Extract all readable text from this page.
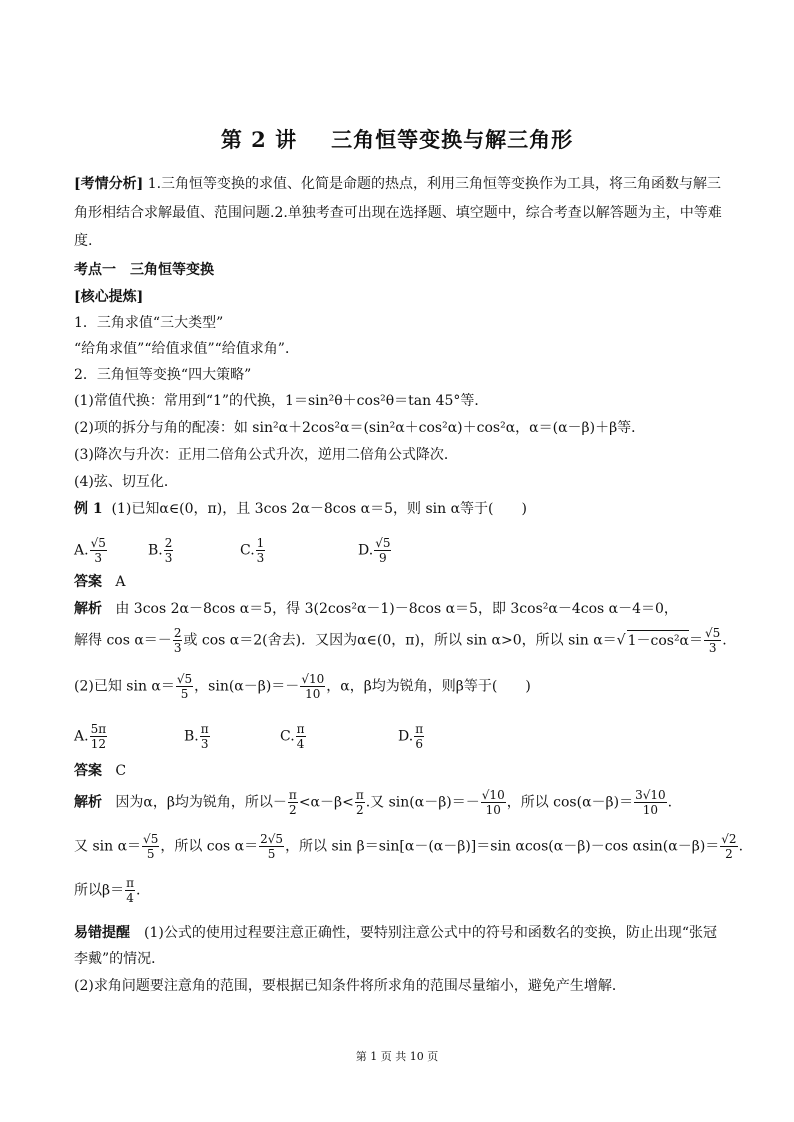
第 2 讲 三角恒等变换与解三角形
[考情分析] 1.三角恒等变换的求值、化简是命题的热点，利用三角恒等变换作为工具，将三角函数与解三
角形相结合求解最值、范围问题.2.单独考查可出现在选择题、填空题中，综合考查以解答题为主，中等难
度.
考点一　三角恒等变换
[核心提炼]
1．三角求值“三大类型”
“给角求值”“给值求值”“给值求角”．
2．三角恒等变换“四大策略”
(1)常值代换：常用到“1”的代换，1＝sin²θ＋cos²θ＝tan 45°等．
(2)项的拆分与角的配凑：如 sin²α＋2cos²α＝(sin²α＋cos²α)＋cos²α，α＝(α－β)＋β等．
(3)降次与升次：正用二倍角公式升次，逆用二倍角公式降次．
(4)弦、切互化．
例 1 (1)已知α∈(0，π)，且 3cos 2α－8cos α＝5，则 sin α等于(　　)
A. $\frac{√5}{3}$	B. $\frac{2}{3}$	C. $\frac{1}{3}$	D. $\frac{√5}{9}$
答案 A
解析 由 3cos 2α－8cos α＝5，得 3(2cos²α－1)－8cos α＝5，即 3cos²α－4cos α－4＝0，
解得 $\cos \alpha=- \frac{2}{3}$ 或 cos α＝2(舍去)．又因为α∈(0，π)，所以 sin α>0，所以 sin α＝√ $1-\cos^2\alpha= \frac{√5}{3}$ .
(2)已知 $\sin \alpha= \frac{√5}{5}$ ，$\sin(\alpha-\beta)=- \frac{√10}{10}$ ，α，β均为锐角，则β等于(　　)
A. $\frac{5\pi}{12}$	B. $\frac{\pi}{3}$	C. $\frac{\pi}{4}$	D. $\frac{\pi}{6}$
答案 C
解析 因为α，β均为锐角，所以－ $\frac{\pi}{2} <\alpha-\beta< \frac{\pi}{2}$ .又 $\sin(\alpha-\beta)=- \frac{√10}{10}$ ，所以 $\cos(\alpha-\beta)= \frac{3√10}{10}$ .
又 $\sin \alpha= \frac{√5}{5}$ ，所以 $\cos \alpha= \frac{2√5}{5}$ ，所以 sin β＝sin[α－(α－β)]＝sin αcos(α－β)－cos $\alpha\sin(\alpha-\beta)= \frac{√2}{2}$ .
所以$\beta= \frac{\pi}{4}$ .
易错提醒　(1)公式的使用过程要注意正确性，要特别注意公式中的符号和函数名的变换，防止出现“张冠
李戴”的情况．
(2)求角问题要注意角的范围，要根据已知条件将所求角的范围尽量缩小，避免产生增解．
第 1 页 共 10 页
